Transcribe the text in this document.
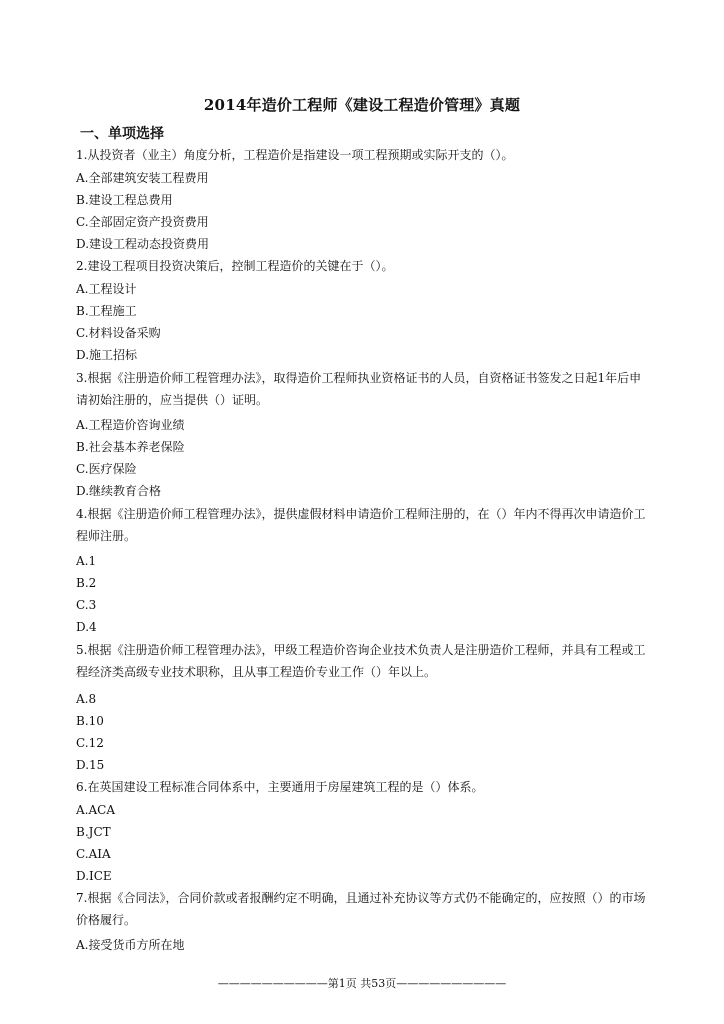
2014年造价工程师《建设工程造价管理》真题
一、单项选择
1.从投资者（业主）角度分析，工程造价是指建设一项工程预期或实际开支的（）。
A.全部建筑安装工程费用
B.建设工程总费用
C.全部固定资产投资费用
D.建设工程动态投资费用
2.建设工程项目投资决策后，控制工程造价的关键在于（）。
A.工程设计
B.工程施工
C.材料设备采购
D.施工招标
3.根据《注册造价师工程管理办法》，取得造价工程师执业资格证书的人员，自资格证书签发之日起1年后申
请初始注册的，应当提供（）证明。
A.工程造价咨询业绩
B.社会基本养老保险
C.医疗保险
D.继续教育合格
4.根据《注册造价师工程管理办法》，提供虚假材料申请造价工程师注册的，在（）年内不得再次申请造价工
程师注册。
A.1
B.2
C.3
D.4
5.根据《注册造价师工程管理办法》，甲级工程造价咨询企业技术负责人是注册造价工程师，并具有工程或工
程经济类高级专业技术职称，且从事工程造价专业工作（）年以上。
A.8
B.10
C.12
D.15
6.在英国建设工程标准合同体系中，主要通用于房屋建筑工程的是（）体系。
A.ACA
B.JCT
C.AIA
D.ICE
7.根据《合同法》，合同价款或者报酬约定不明确，且通过补充协议等方式仍不能确定的，应按照（）的市场
价格履行。
A.接受货币方所在地
——————————第1页 共53页——————————
